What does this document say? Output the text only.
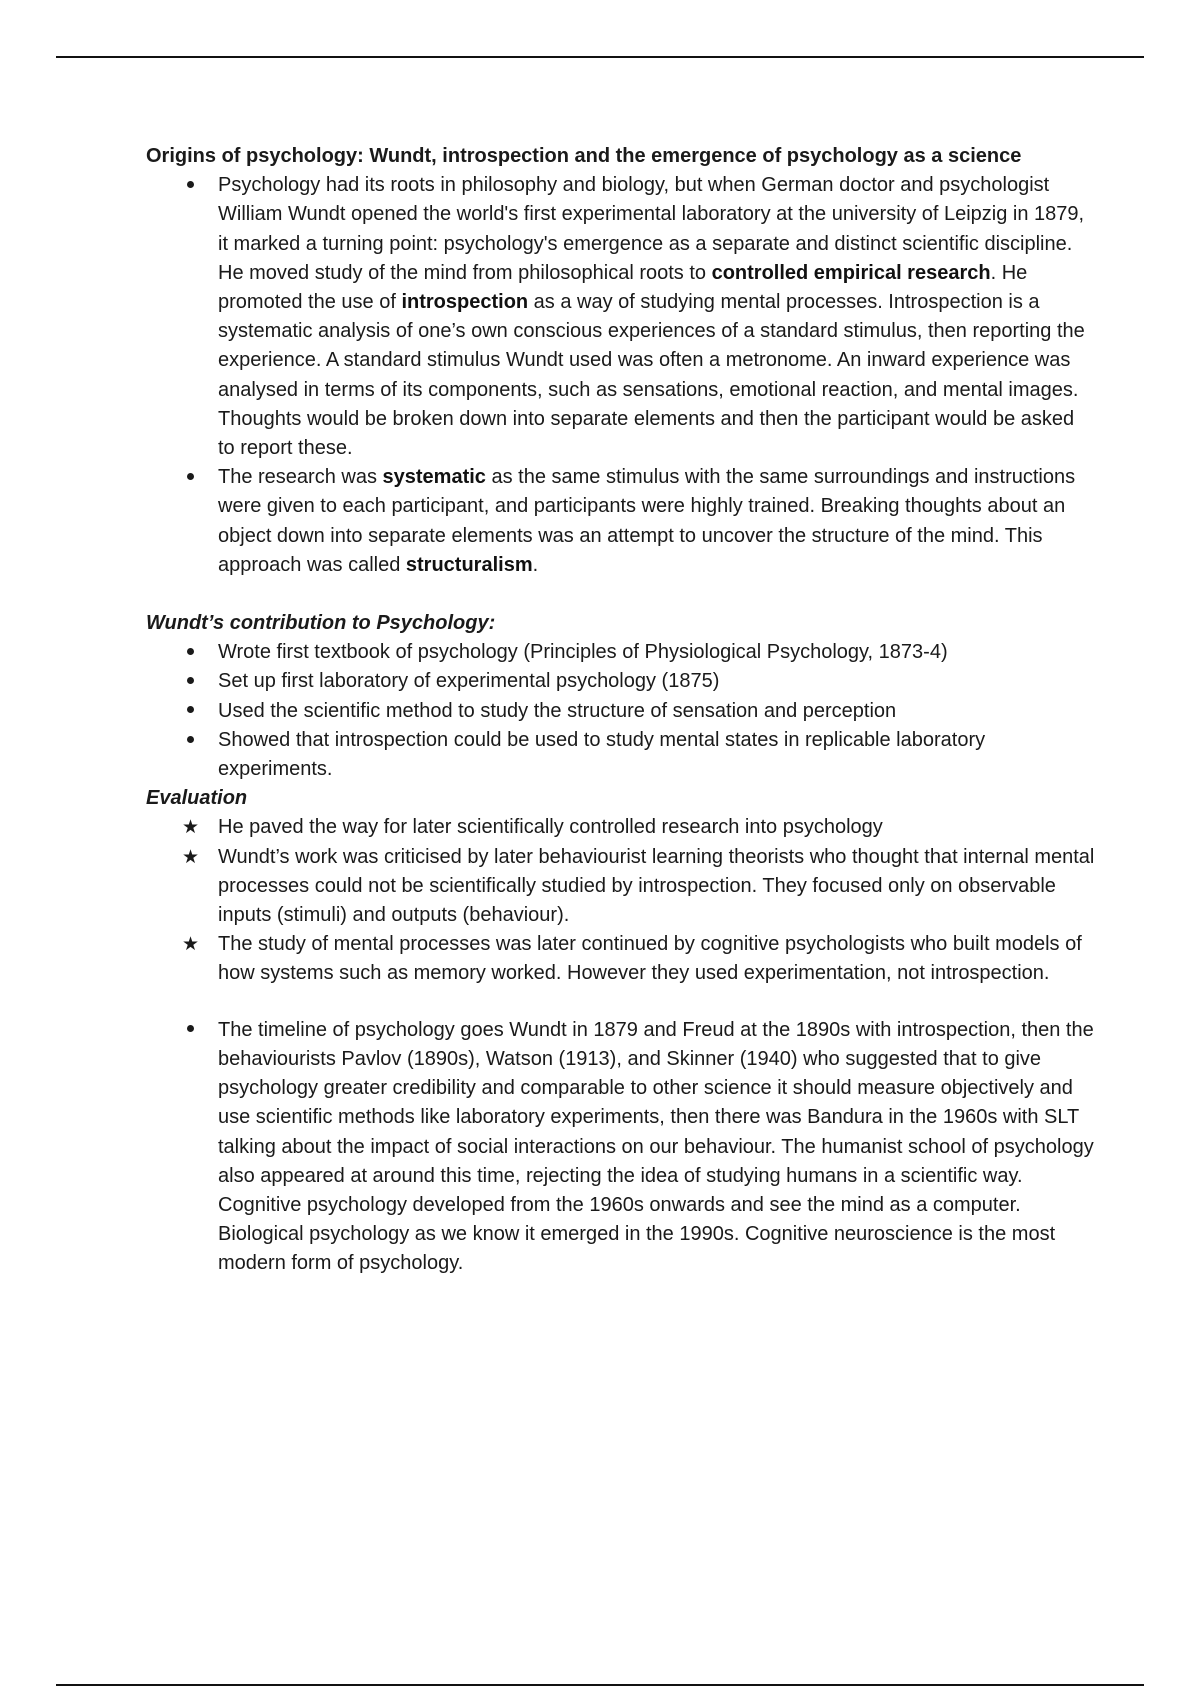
Origins of psychology: Wundt, introspection and the emergence of psychology as a science

Psychology had its roots in philosophy and biology, but when German doctor and psychologist William Wundt opened the world's first experimental laboratory at the university of Leipzig in 1879, it marked a turning point: psychology's emergence as a separate and distinct scientific discipline. He moved study of the mind from philosophical roots to controlled empirical research. He promoted the use of introspection as a way of studying mental processes. Introspection is a systematic analysis of one’s own conscious experiences of a standard stimulus, then reporting the experience. A standard stimulus Wundt used was often a metronome. An inward experience was analysed in terms of its components, such as sensations, emotional reaction, and mental images. Thoughts would be broken down into separate elements and then the participant would be asked to report these.
The research was systematic as the same stimulus with the same surroundings and instructions were given to each participant, and participants were highly trained. Breaking thoughts about an object down into separate elements was an attempt to uncover the structure of the mind. This approach was called structuralism.

Wundt’s contribution to Psychology:

Wrote first textbook of psychology (Principles of Physiological Psychology, 1873-4)
Set up first laboratory of experimental psychology (1875)
Used the scientific method to study the structure of sensation and perception
Showed that introspection could be used to study mental states in replicable laboratory experiments.

Evaluation

★ He paved the way for later scientifically controlled research into psychology
★ Wundt’s work was criticised by later behaviourist learning theorists who thought that internal mental processes could not be scientifically studied by introspection. They focused only on observable inputs (stimuli) and outputs (behaviour).
★ The study of mental processes was later continued by cognitive psychologists who built models of how systems such as memory worked. However they used experimentation, not introspection.
The timeline of psychology goes Wundt in 1879 and Freud at the 1890s with introspection, then the behaviourists Pavlov (1890s), Watson (1913), and Skinner (1940) who suggested that to give psychology greater credibility and comparable to other science it should measure objectively and use scientific methods like laboratory experiments, then there was Bandura in the 1960s with SLT talking about the impact of social interactions on our behaviour. The humanist school of psychology also appeared at around this time, rejecting the idea of studying humans in a scientific way. Cognitive psychology developed from the 1960s onwards and see the mind as a computer. Biological psychology as we know it emerged in the 1990s. Cognitive neuroscience is the most modern form of psychology.
